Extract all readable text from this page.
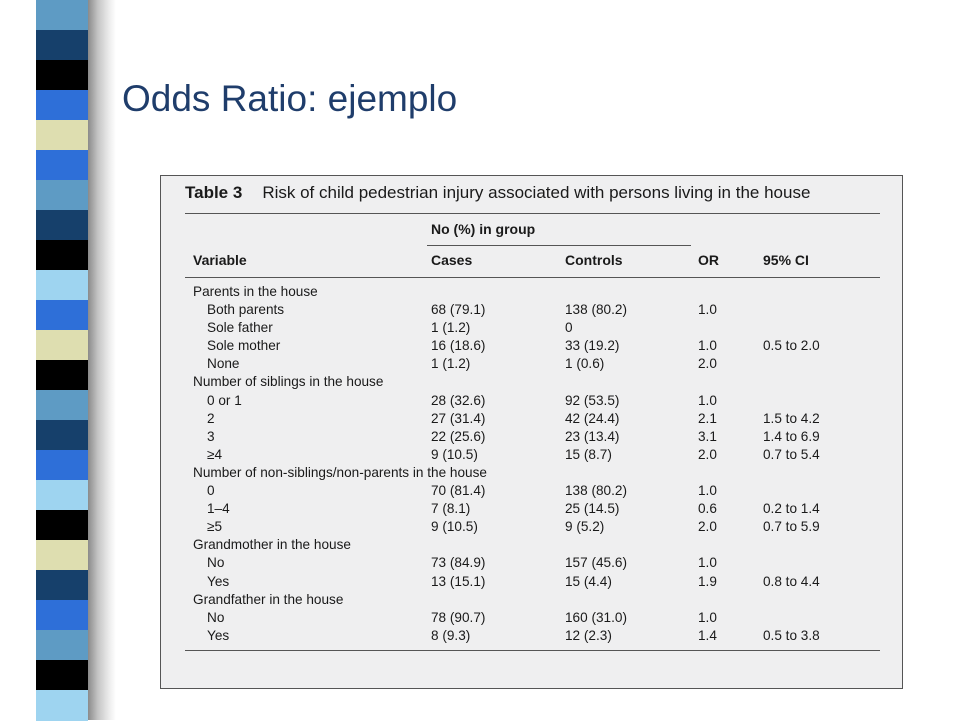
Odds Ratio: ejemplo
Table 3 Risk of child pedestrian injury associated with persons living in the house
No (%) in group
Variable	Cases	Controls	OR	95% CI
Parents in the house
Both parents	68 (79.1)	138 (80.2)	1.0
Sole father	1 (1.2)	0
Sole mother	16 (18.6)	33 (19.2)	1.0	0.5 to 2.0
None	1 (1.2)	1 (0.6)	2.0
Number of siblings in the house
0 or 1	28 (32.6)	92 (53.5)	1.0
2	27 (31.4)	42 (24.4)	2.1	1.5 to 4.2
3	22 (25.6)	23 (13.4)	3.1	1.4 to 6.9
≥4	9 (10.5)	15 (8.7)	2.0	0.7 to 5.4
Number of non-siblings/non-parents in the house
0	70 (81.4)	138 (80.2)	1.0
1–4	7 (8.1)	25 (14.5)	0.6	0.2 to 1.4
≥5	9 (10.5)	9 (5.2)	2.0	0.7 to 5.9
Grandmother in the house
No	73 (84.9)	157 (45.6)	1.0
Yes	13 (15.1)	15 (4.4)	1.9	0.8 to 4.4
Grandfather in the house
No	78 (90.7)	160 (31.0)	1.0
Yes	8 (9.3)	12 (2.3)	1.4	0.5 to 3.8
